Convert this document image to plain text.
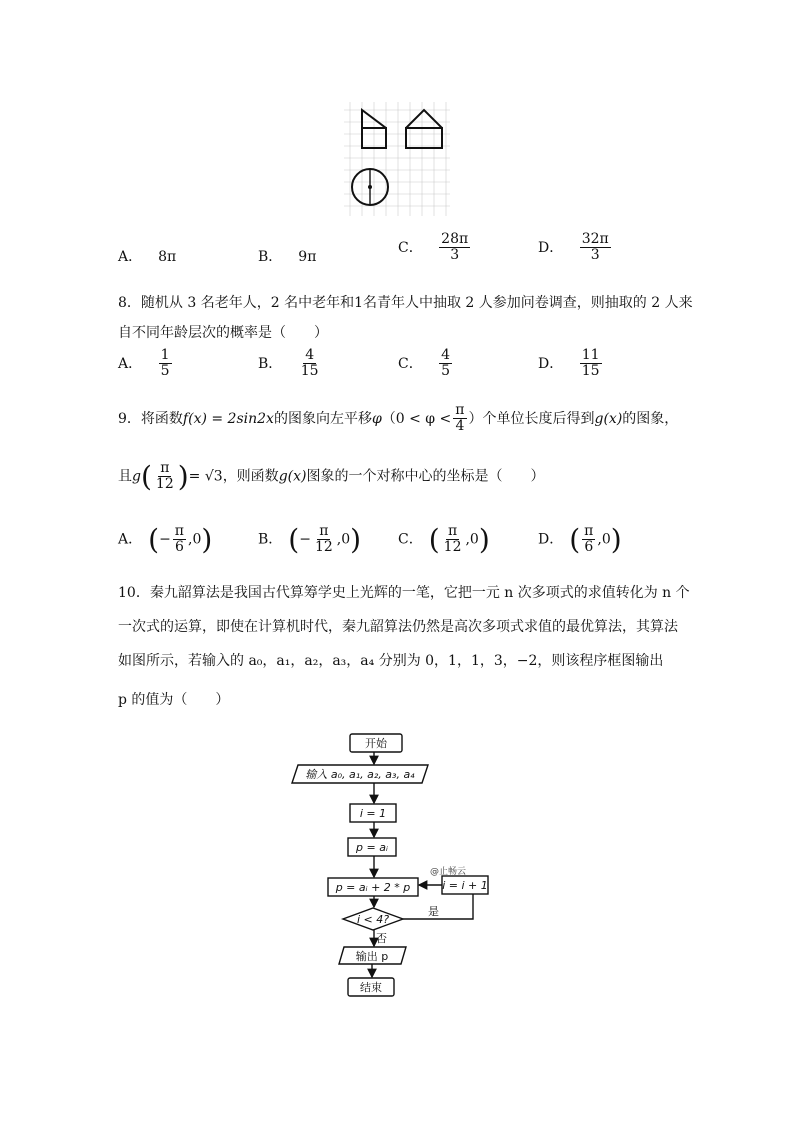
A． 8π	B． 9π
C． $\frac{28\pi}{3}$	D． $\frac{32\pi}{3}$
8．随机从 3 名老年人，2 名中老年和1名青年人中抽取 2 人参加问卷调查，则抽取的 2 人来
自不同年龄层次的概率是（　　）
A． $\frac{1}{5}$	B． $\frac{4}{15}$	C． $\frac{4}{5}$	D． $\frac{11}{15}$
9．将函数f(x) = 2sin2x的图象向左平移$\varphi(0 < \varphi < \frac{\pi}{4}$ ）个单位长度后得到g(x)的图象，
且$g( \frac{\pi}{12}$ )= √3，则函数g(x)图象的一个对称中心的坐标是（　　）
A． (− $\frac{\pi}{6} ,0$)	B． (− $\frac{\pi}{12} ,0$)	C． ( $\frac{\pi}{12} ,0$)	D． ( $\frac{\pi}{6} ,0$)
10．秦九韶算法是我国古代算筹学史上光辉的一笔，它把一元 n 次多项式的求值转化为 n 个
一次式的运算，即使在计算机时代，秦九韶算法仍然是高次多项式求值的最优算法，其算法
如图所示，若输入的 a₀，a₁，a₂，a₃，a₄ 分别为 0，1，1，3，−2，则该程序框图输出
p 的值为（　　）
开始
输入 a₀, a₁, a₂, a₃, a₄
i = 1
p = aᵢ
p = aᵢ + 2 * p	i = i + 1
i < 4?
是
否
输出 p
结束
@止畅云
